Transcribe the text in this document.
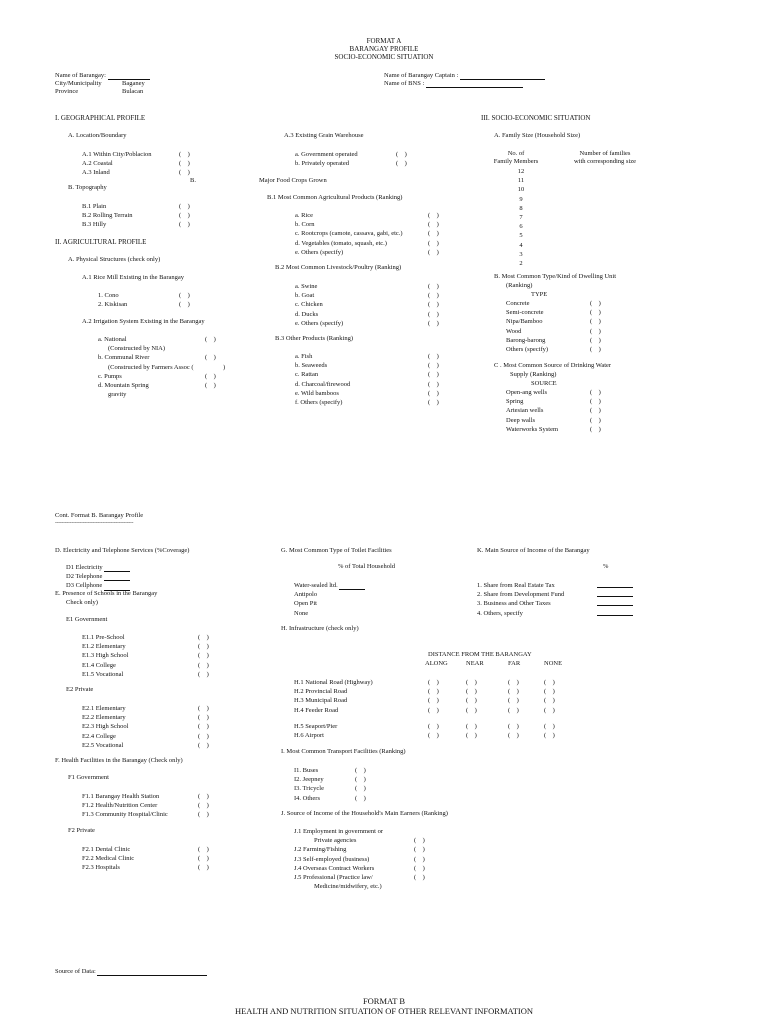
FORMAT A
BARANGAY PROFILE
SOCIO-ECONOMIC SITUATION
Name of Barangay:
City/Municipality	Baganey
Province	Bulacan
Name of Barangay Captain :
Name of BNS :
I. GEOGRAPHICAL PROFILE
A. Location/Boundary
A.1 Within City/Poblacion	(    )
A.2 Coastal	(    )
A.3 Inland	(    )
B.
B. Topography
B.1 Plain	(    )
B.2 Rolling Terrain	(    )
B.3 Hilly	(    )
II. AGRICULTURAL PROFILE
A. Physical Structures (check only)
A.1 Rice Mill Existing in the Barangay
1. Cono	(    )
2. Kiskisan	(    )
A.2 Irrigation System Existing in the Barangay
a. National	(    )
(Constructed by NIA)
b. Communal River	(    )
(Constructed by Farmers Assoc (	)
c. Pumps	(    )
d. Mountain Spring	(    )
gravity
A.3 Existing Grain Warehouse
a. Government operated	(    )
b. Privately operated	(    )
Major Food Crops Grown
B.1 Most Common Agricultural Products (Ranking)
a. Rice	(    )
b. Corn	(    )
c. Rootcrops (camote, cassava, gabi, etc.)	(    )
d. Vegetables (tomato, squash, etc.)	(    )
e. Others (specify)	(    )
B.2 Most Common Livestock/Poultry (Ranking)
a. Swine	(    )
b. Goat	(    )
c. Chicken	(    )
d. Ducks	(    )
e. Others (specify)	(    )
B.3 Other Products (Ranking)
a. Fish	(    )
b. Seaweeds	(    )
c. Rattan	(    )
d. Charcoal/firewood	(    )
e. Wild bamboos	(    )
f. Others (specify)	(    )
III. SOCIO-ECONOMIC SITUATION
A. Family Size (Household Size)
No. of
Family Members
Number of families
with corresponding size
12
11
10
9
8
7
6
5
4
3
2
B. Most Common Type/Kind of Dwelling Unit
(Ranking)
TYPE
Concrete	(    )
Semi-concrete	(    )
Nipa/Bamboo	(    )
Wood	(    )
Barong-barong	(    )
Others (specify)	(    )
C . Most Common Source of Drinking Water
Supply (Ranking)
SOURCE
Open-ang wells	(    )
Spring	(    )
Artesian wells	(    )
Deep walls	(    )
Waterworks System	(    )
Cont. Format B. Barangay Profile
------------------------------------------------
D. Electricity and Telephone Services (%Coverage)
D1 Electricity
D2 Telephone
D3 Cellphone
E. Presence of Schools in the Barangay
Check only)
E1 Government
E1.1 Pre-School	(    )
E1.2 Elementary	(    )
E1.3 High School	(    )
E1.4 College	(    )
E1.5 Vocational	(    )
E2 Private
E2.1 Elementary	(    )
E2.2 Elementary	(    )
E2.3 High School	(    )
E2.4 College	(    )
E2.5 Vocational	(    )
F. Health Facilities in the Barangay (Check only)
F1 Government
F1.1 Barangay Health Station	(    )
F1.2 Health/Nutrition Center	(    )
F1.3 Community Hospital/Clinic	(    )
F2 Private
F2.1 Dental Clinic	(    )
F2.2 Medical Clinic	(    )
F2.3 Hospitals	(    )
G. Most Common Type of Toilet Facilities
% of Total Household
Water-sealed ltd.
Antipolo
Open Pit
None
H. Infrastructure (check only)
DISTANCE FROM THE BARANGAY
ALONG	NEAR	FAR	NONE
H.1 National Road (Highway)	(    )	(    )	(    )	(    )
H.2 Provincial Road	(    )	(    )	(    )	(    )
H.3 Municipal Road	(    )	(    )	(    )	(    )
H.4 Feeder Road	(    )	(    )	(    )	(    )
H.5 Seaport/Pier	(    )	(    )	(    )	(    )
H.6 Airport	(    )	(    )	(    )	(    )
I. Most Common Transport Facilities (Ranking)
I1. Buses	(    )
I2. Jeepney	(    )
I3. Tricycle	(    )
I4. Others	(    )
J. Source of Income of the Household's Main Earners (Ranking)
J.1 Employment in government or
Private agencies	(    )
J.2 Farming/Fishing	(    )
J.3 Self-employed (business)	(    )
J.4 Overseas Contract Workers	(    )
J.5 Professional (Practice law/	(    )
Medicine/midwifery, etc.)
K. Main Source of Income of the Barangay
%
1. Share from Real Estate Tax
2. Share from Development Fund
3. Business and Other Taxes
4. Others, specify
Source of Data:
FORMAT B
HEALTH AND NUTRITION SITUATION OF OTHER RELEVANT INFORMATION
